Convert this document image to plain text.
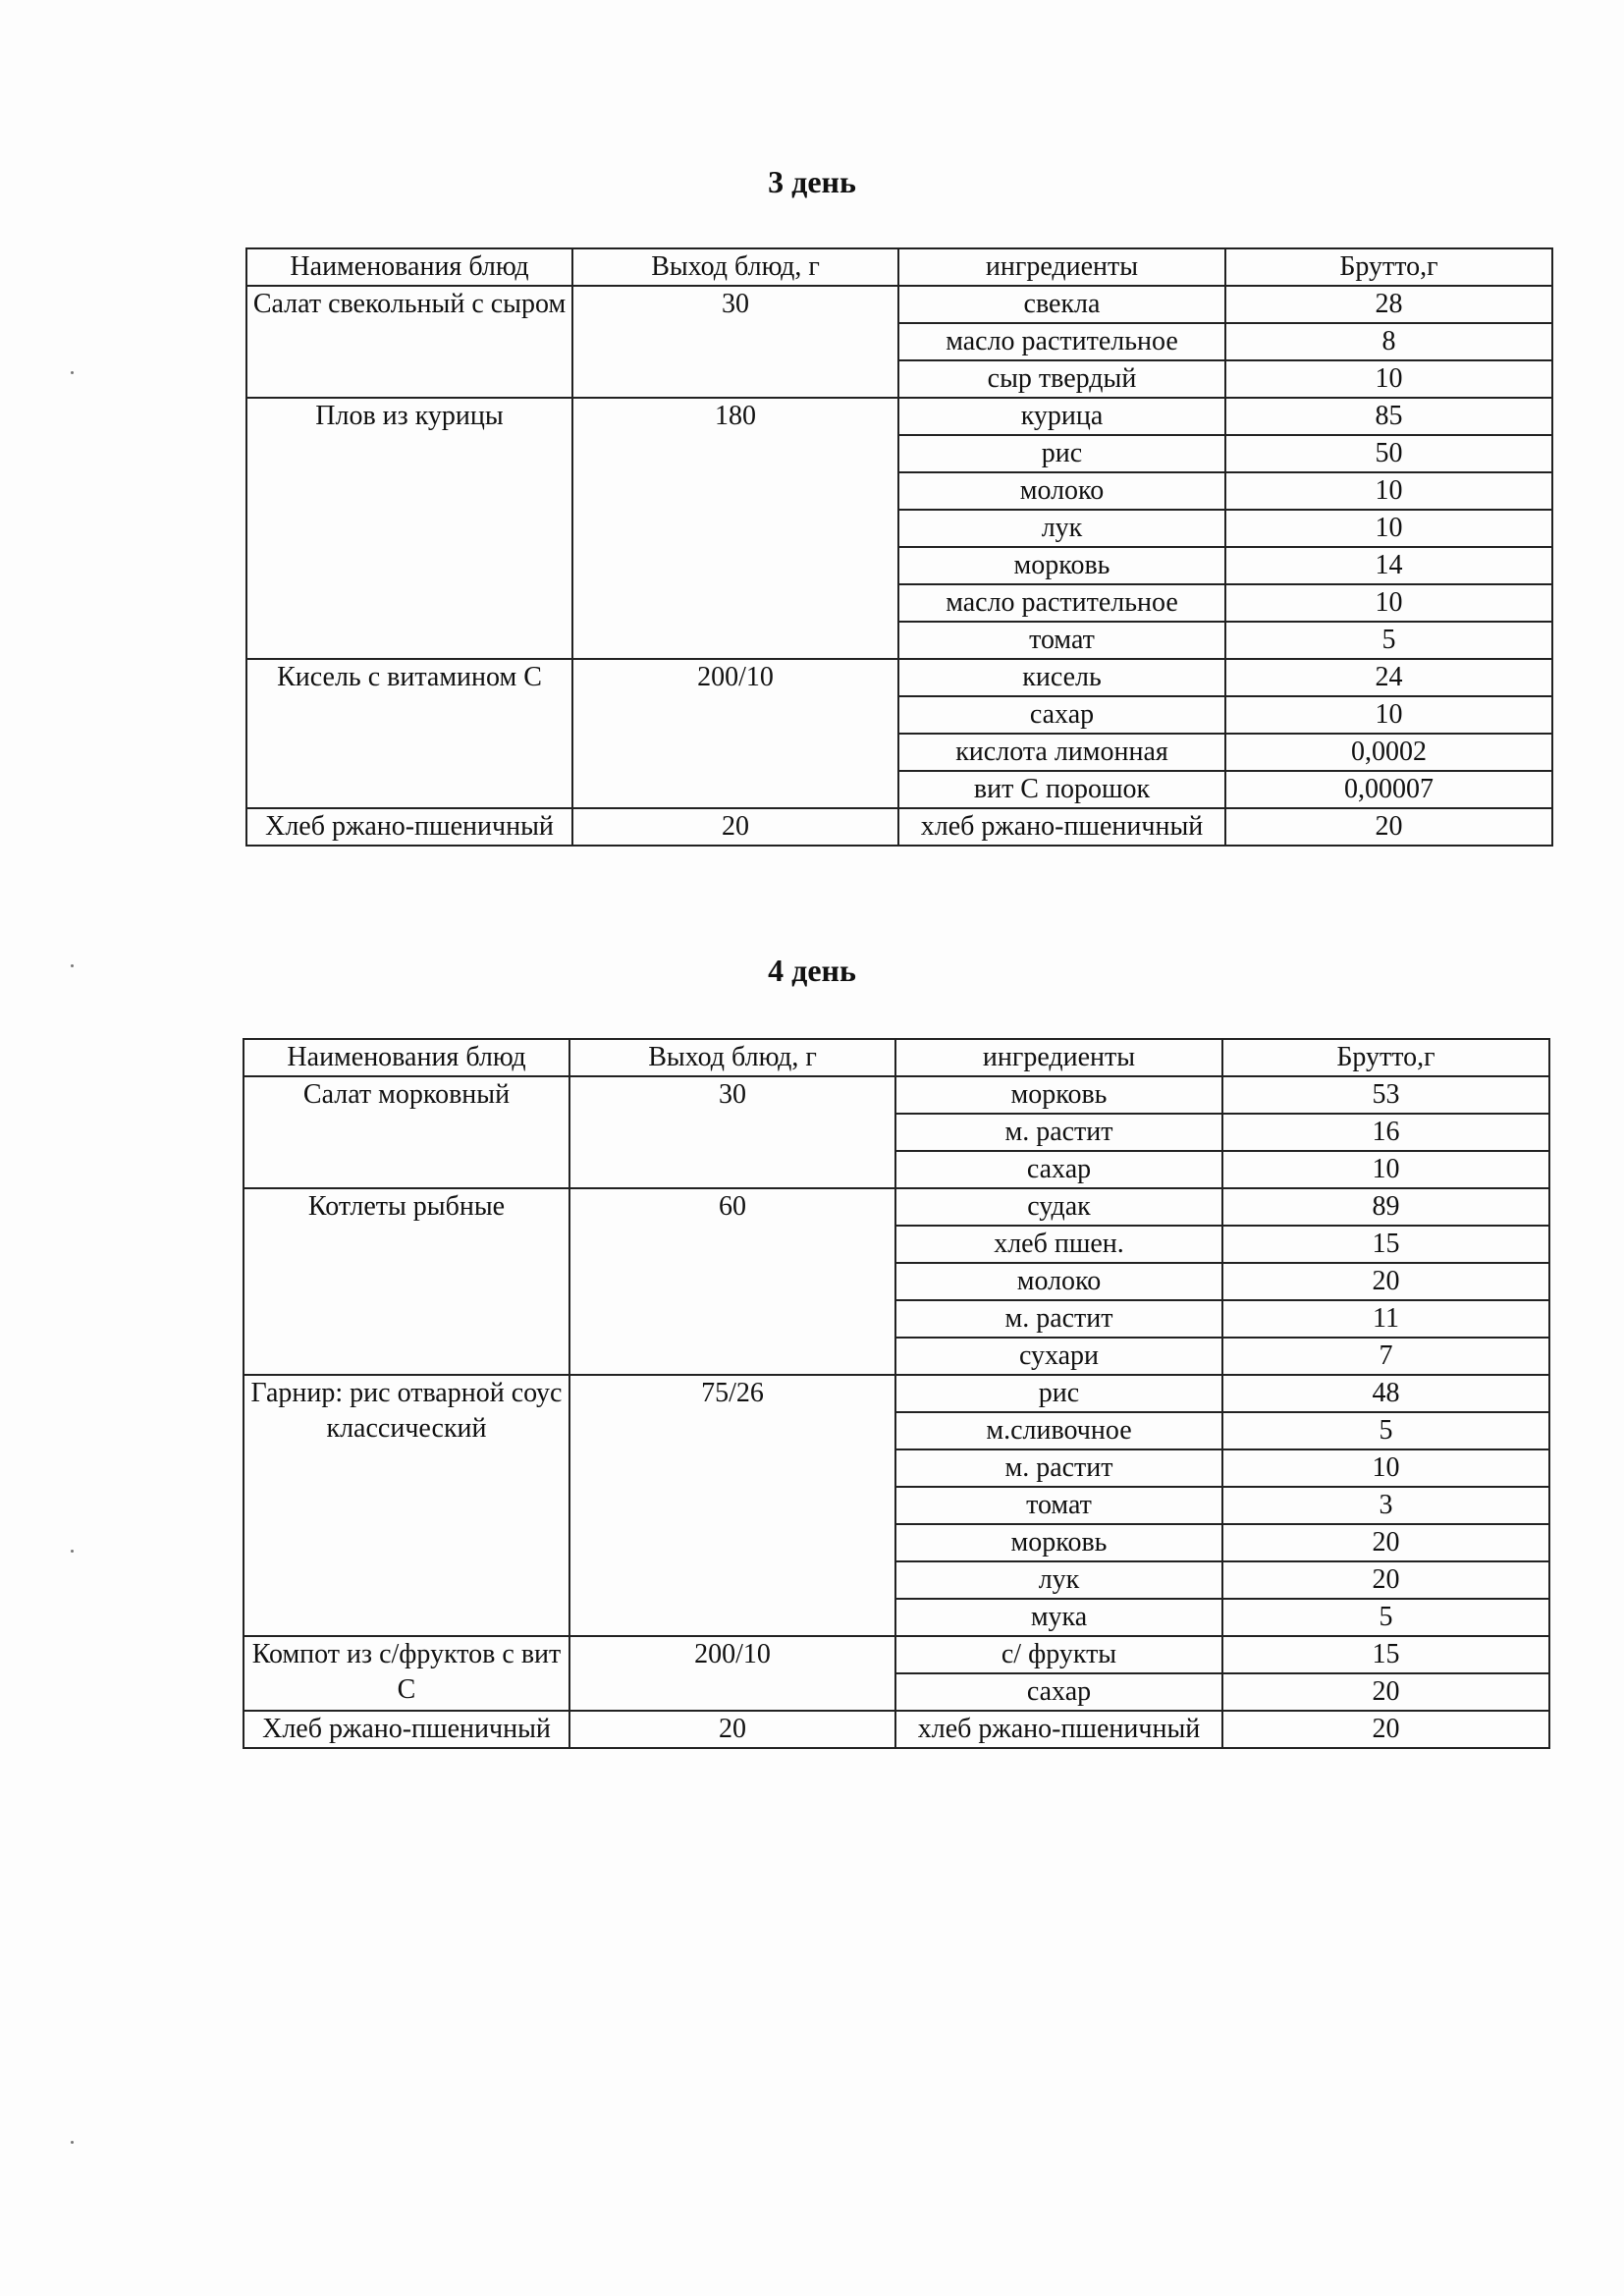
3 день
Наименования блюд	Выход блюд, г	ингредиенты	Брутто,г
Салат свекольный с сыром	30	свекла	28
		масло растительное	8
		сыр твердый	10
Плов из курицы	180	курица	85
		рис	50
		молоко	10
		лук	10
		морковь	14
		масло растительное	10
		томат	5
Кисель с витамином С	200/10	кисель	24
		сахар	10
		кислота лимонная	0,0002
		вит С порошок	0,00007
Хлеб ржано-пшеничный	20	хлеб ржано-пшеничный	20
4 день
Наименования блюд	Выход блюд, г	ингредиенты	Брутто,г
Салат морковный	30	морковь	53
		м. растит	16
		сахар	10
Котлеты рыбные	60	судак	89
		хлеб пшен.	15
		молоко	20
		м. растит	11
		сухари	7
Гарнир: рис отварной соус классический	75/26	рис	48
		м.сливочное	5
		м. растит	10
		томат	3
		морковь	20
		лук	20
		мука	5
Компот из с/фруктов с вит С	200/10	с/ фрукты	15
		сахар	20
Хлеб ржано-пшеничный	20	хлеб ржано-пшеничный	20
